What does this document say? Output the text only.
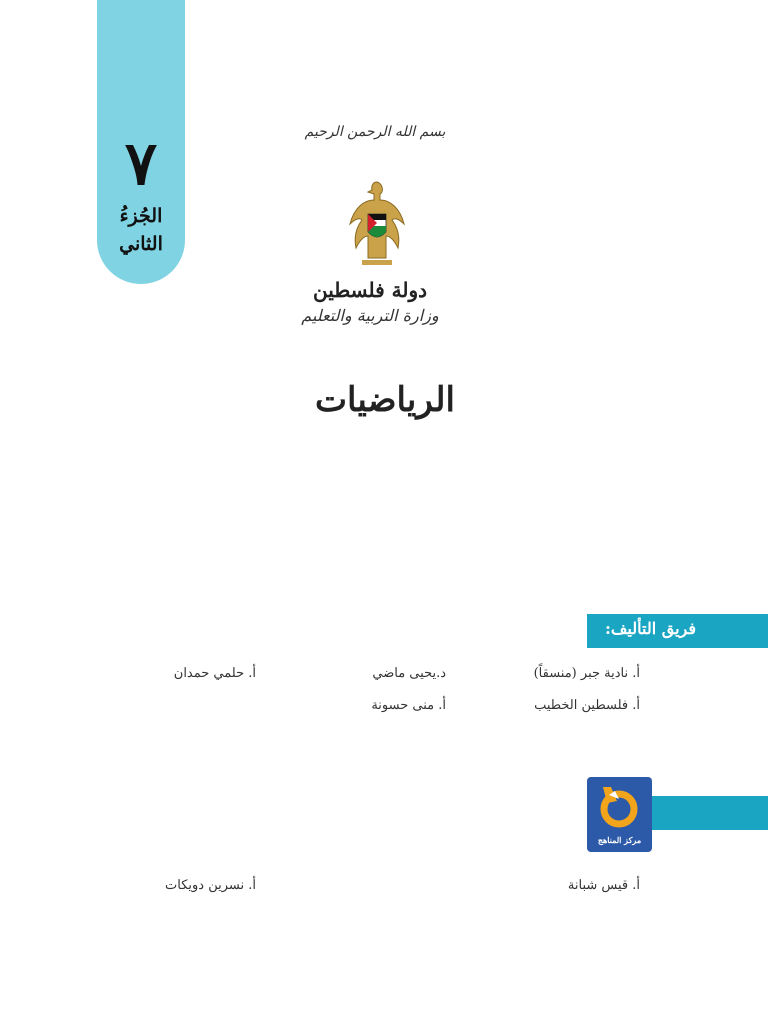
٧
الجُزءُ
الثاني
بسم الله الرحمن الرحيم
دولة فلسطين
وزارة التربية والتعليم
الرياضيات
فريق التأليف:
أ. نادية جبر (منسقاً)
د.يحيى ماضي
أ. حلمي حمدان
أ. فلسطين الخطيب
أ. منى حسونة
مركز المناهج
أ. قيس شبانة
أ. نسرين دويكات
